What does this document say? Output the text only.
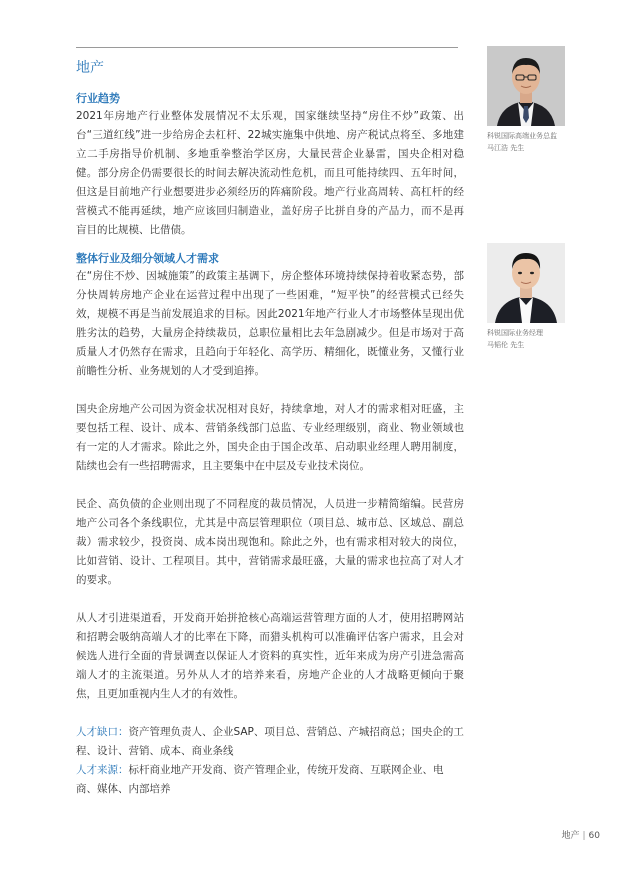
地产
行业趋势

2021年房地产行业整体发展情况不太乐观，国家继续坚持“房住不炒”政策、出台“三道红线”进一步给房企去杠杆、22城实施集中供地、房产税试点将至、多地建立二手房指导价机制、多地重拳整治学区房，大量民营企业暴雷，国央企相对稳健。部分房企仍需要很长的时间去解决流动性危机，而且可能持续四、五年时间，但这是目前地产行业想要进步必须经历的阵痛阶段。地产行业高周转、高杠杆的经营模式不能再延续，地产应该回归制造业，盖好房子比拼自身的产品力，而不是再盲目的比规模、比借债。

整体行业及细分领域人才需求

在“房住不炒、因城施策”的政策主基调下，房企整体环境持续保持着收紧态势，部分快周转房地产企业在运营过程中出现了一些困难，“短平快”的经营模式已经失效，规模不再是当前发展追求的目标。因此2021年地产行业人才市场整体呈现出优胜劣汰的趋势，大量房企持续裁员，总职位量相比去年急剧减少。但是市场对于高质量人才仍然存在需求，且趋向于年轻化、高学历、精细化，既懂业务，又懂行业前瞻性分析、业务规划的人才受到追捧。

国央企房地产公司因为资金状况相对良好，持续拿地，对人才的需求相对旺盛，主要包括工程、设计、成本、营销条线部门总监、专业经理级别，商业、物业领域也有一定的人才需求。除此之外，国央企由于国企改革、启动职业经理人聘用制度，陆续也会有一些招聘需求，且主要集中在中层及专业技术岗位。

民企、高负债的企业则出现了不同程度的裁员情况，人员进一步精简缩编。民营房地产公司各个条线职位，尤其是中高层管理职位（项目总、城市总、区域总、副总裁）需求较少，投资岗、成本岗出现饱和。除此之外，也有需求相对较大的岗位，比如营销、设计、工程项目。其中，营销需求最旺盛，大量的需求也拉高了对人才的要求。

从人才引进渠道看，开发商开始拼抢核心高端运营管理方面的人才，使用招聘网站和招聘会吸纳高端人才的比率在下降，而猎头机构可以准确评估客户需求，且会对候选人进行全面的背景调查以保证人才资料的真实性，近年来成为房产引进急需高端人才的主流渠道。另外从人才的培养来看，房地产企业的人才战略更倾向于聚焦，且更加重视内生人才的有效性。

人才缺口：资产管理负责人、企业SAP、项目总、营销总、产城招商总；国央企的工程、设计、营销、成本、商业条线

人才来源：标杆商业地产开发商、资产管理企业，传统开发商、互联网企业、电商、媒体、内部培养

科锐国际高端业务总监
马江浩 先生
科锐国际业务经理
马韬伦 先生
地产 | 60
